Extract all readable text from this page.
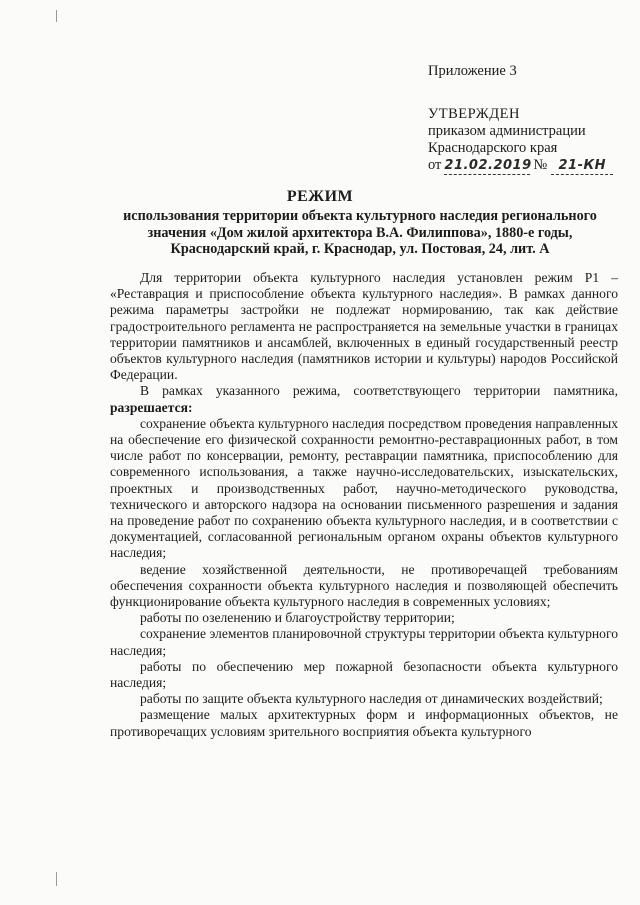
Приложение 3
УТВЕРЖДЕН
приказом администрации
Краснодарского края
от 21.02.2019 № 21-КН
РЕЖИМ
использования территории объекта культурного наследия регионального значения «Дом жилой архитектора В.А. Филиппова», 1880-е годы, Краснодарский край, г. Краснодар, ул. Постовая, 24, лит. А

Для территории объекта культурного наследия установлен режим Р1 – «Реставрация и приспособление объекта культурного наследия». В рамках данного режима параметры застройки не подлежат нормированию, так как действие градостроительного регламента не распространяется на земельные участки в границах территории памятников и ансамблей, включенных в единый государственный реестр объектов культурного наследия (памятников истории и культуры) народов Российской Федерации.

В рамках указанного режима, соответствующего территории памятника, разрешается:

сохранение объекта культурного наследия посредством проведения направленных на обеспечение его физической сохранности ремонтно-реставрационных работ, в том числе работ по консервации, ремонту, реставрации памятника, приспособлению для современного использования, а также научно-исследовательских, изыскательских, проектных и производственных работ, научно-методического руководства, технического и авторского надзора на основании письменного разрешения и задания на проведение работ по сохранению объекта культурного наследия, и в соответствии с документацией, согласованной региональным органом охраны объектов культурного наследия;

ведение хозяйственной деятельности, не противоречащей требованиям обеспечения сохранности объекта культурного наследия и позволяющей обеспечить функционирование объекта культурного наследия в современных условиях;

работы по озеленению и благоустройству территории;

сохранение элементов планировочной структуры территории объекта культурного наследия;

работы по обеспечению мер пожарной безопасности объекта культурного наследия;

работы по защите объекта культурного наследия от динамических воздействий;

размещение малых архитектурных форм и информационных объектов, не противоречащих условиям зрительного восприятия объекта культурного
